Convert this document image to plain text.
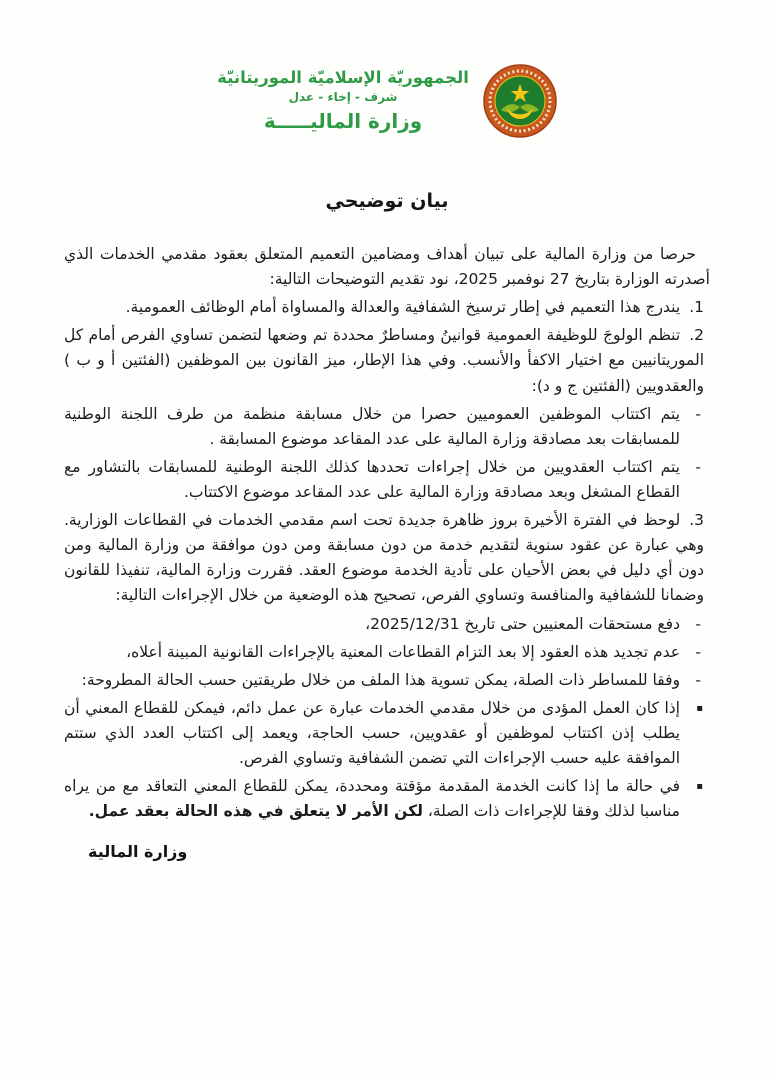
الجمهوريّة الإسلاميّة الموريتانيّة
شرف - إخاء - عدل
وزارة الماليـــــة
بيان توضيحي

حرصا من وزارة المالية على تبيان أهداف ومضامين التعميم المتعلق بعقود مقدمي الخدمات الذي أصدرته الوزارة بتاريخ 27 نوفمبر 2025، نود تقديم التوضيحات التالية:

1.يندرج هذا التعميم في إطار ترسيخ الشفافية والعدالة والمساواة أمام الوظائف العمومية.

2.تنظم الولوجَ للوظيفة العمومية قوانينُ ومساطرٌ محددة تم وضعها لتضمن تساوي الفرص أمام كل الموريتانيين مع اختيار الاكفأ والأنسب. وفي هذا الإطار، ميز القانون بين الموظفين (الفئتين أ و ب ) والعقدويين (الفئتين ج و د):

-
يتم اكتتاب الموظفين العموميين حصرا من خلال مسابقة منظمة من طرف اللجنة الوطنية للمسابقات بعد مصادقة وزارة المالية على عدد المقاعد موضوع المسابقة .
-
يتم اكتتاب العقدويين من خلال إجراءات تحددها كذلك اللجنة الوطنية للمسابقات بالتشاور مع القطاع المشغل وبعد مصادقة وزارة المالية على عدد المقاعد موضوع الاكتتاب.

3.لوحظ في الفترة الأخيرة بروز ظاهرة جديدة تحت اسم مقدمي الخدمات في القطاعات الوزارية. وهي عبارة عن عقود سنوية لتقديم خدمة من دون مسابقة ومن دون موافقة من وزارة المالية ومن دون أي دليل في بعض الأحيان على تأدية الخدمة موضوع العقد. فقررت وزارة المالية، تنفيذا للقانون وضمانا للشفافية والمنافسة وتساوي الفرص، تصحيح هذه الوضعية من خلال الإجراءات التالية:

-
دفع مستحقات المعنيين حتى تاريخ 2025/12/31،
-
عدم تجديد هذه العقود إلا بعد التزام القطاعات المعنية بالإجراءات القانونية المبينة أعلاه،
-
وفقا للمساطر ذات الصلة، يمكن تسوية هذا الملف من خلال طريقتين حسب الحالة المطروحة:
▪
إذا كان العمل المؤدى من خلال مقدمي الخدمات عبارة عن عمل دائم، فيمكن للقطاع المعني أن يطلب إذن اكتتاب لموظفين أو عقدويين، حسب الحاجة، ويعمد إلى اكتتاب العدد الذي ستتم الموافقة عليه حسب الإجراءات التي تضمن الشفافية وتساوي الفرص.
▪
في حالة ما إذا كانت الخدمة المقدمة مؤقتة ومحددة، يمكن للقطاع المعني التعاقد مع من يراه مناسبا لذلك وفقا للإجراءات ذات الصلة، لكن الأمر لا يتعلق في هذه الحالة بعقد عمل.
وزارة المالية
